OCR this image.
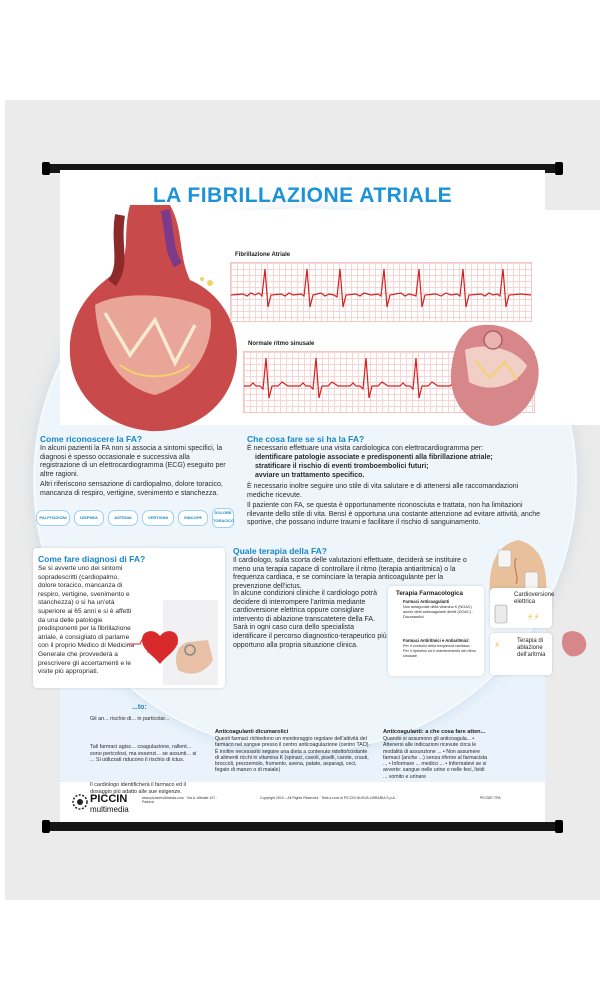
LA FIBRILLAZIONE ATRIALE
PICCIN
multimedia
www.piccinmultimedia.com · Via A. Altinate 107 · Padova
Copyright 2019 – All Rights Reserved · Testi a cura di PICCIN NUOVA LIBRARIA S.p.A.	PICGBT-TPA
Fibrillazione Atriale
Normale ritmo sinusale
Come riconoscere la FA?
In alcuni pazienti la FA non si associa a sintomi specifici, la diagnosi è spesso occasionale e successiva alla registrazione di un elettrocardiogramma (ECG) eseguito per altre ragioni.
Altri riferiscono sensazione di cardiopalmo, dolore toracico, mancanza di respiro, vertigine, svenimento e stanchezza.
PALPITAZIONI	DISPNEA	ASTENIA	VERTIGINI	SINCOPE
DOLORE TORACICO
Che cosa fare se si ha la FA?
È necessario effettuare una visita cardiologica con elettrocardiogramma per:
identificare patologie associate e predisponenti alla fibrillazione atriale;
stratificare il rischio di eventi tromboembolici futuri;
avviare un trattamento specifico.
È necessario inoltre seguire uno stile di vita salutare e di attenersi alle raccomandazioni mediche ricevute.
Il paziente con FA, se questa è opportunamente riconosciuta e trattata, non ha limitazioni rilevante dello stile di vita. Bensì è opportuna una costante attenzione ad evitare attività, anche sportive, che possano indurre traumi e facilitare il rischio di sanguinamento.
Come fare diagnosi di FA?
Se si avverte uno dei sintomi sopradescritti (cardiopalmo, dolore toracico, mancanza di respiro, vertigine, svenimento e stanchezza) o si ha un'età superiore ai 65 anni e si è affetti da una delle patologie predisponenti per la fibrillazione atriale, è consigliato di parlarne con il proprio Medico di Medicina Generale che provvederà a prescrivere gli accertamenti e le visite più appropriati.
Quale terapia della FA?
Il cardiologo, sulla scorta delle valutazioni effettuate, deciderà se instituire o meno una terapia capace di controllare il ritmo (terapia antiaritmica) o la frequenza cardiaca, e se cominciare la terapia anticoagulante per la prevenzione dell'ictus.
In alcune condizioni cliniche il cardiologo potrà decidere di interrompere l'aritmia mediante cardioversione elettrica oppure consigliare intervento di ablazione transcatetere della FA. Sarà in ogni caso cura dello specialista identificare il percorso diagnostico-terapeutico più opportuno alla propria situazione clinica.
Terapia Farmacologica
Farmaci Anticoagulanti
Non antagonisti della vitamina K (NOAC) anche detti anticoagulanti diretti (DOAC) · Dicumarolici
Farmaci Antiritmici e Antiaritmici:
Per il controllo della frequenza cardiaca · Per il ripristino ed il mantenimento del ritmo sinusale
Cardioversione elettrica
⚡⚡
Terapia di ablazione dell'aritmia
⚡
...to:
Gli an... rischio di... in particolar...
Tali farmaci agisc... coagulazione, rallent... sono pericolosi, ma essenzi... se assunti... si ... Si utilizzati riducono il rischio di ictus.
Il cardiologo identificherà il farmaco ed il dosaggio più adatto alle sue esigenze.
Anticoagulanti dicumarolici
Questi farmaci richiedono un monitoraggio regolare dell'attività del farmaco nel sangue presso il centro anticoagulazione (centro TAO). È inoltre necessario seguire una dieta a contenuto ridotto/costante di alimenti ricchi in vitamina K (spinaci, cavoli, piselli, carote, crauti, broccoli, prezzemolo, frumento, avena, patate, asparagi, ceci, fegato di manzo o di maiale)
Anticoagulanti: a che cosa fare atten...
Quando si assumono gli anticoagula... • Attenersi alle indicazioni ricevute circa le modalità di assunzione ... • Non assumere farmaci (anche ...) senza riferire al farmacista ... • Informare ... medico ... • Informatevi se si avverte: sangue nelle urine o nelle feci, lividi ... vomito e urinare
